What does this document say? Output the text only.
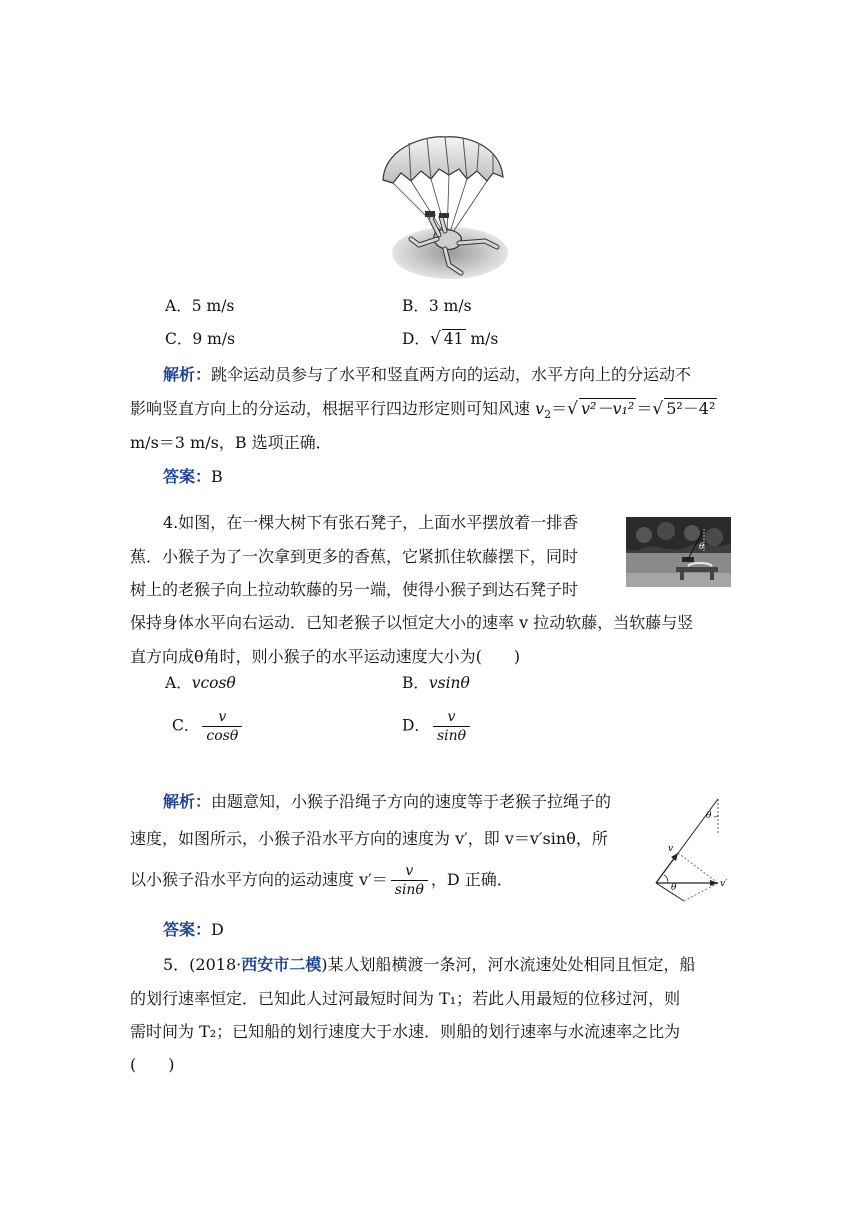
A．5 m/s	B．3 m/s
C．9 m/s	D．√ 41 m/s
解析：跳伞运动员参与了水平和竖直两方向的运动，水平方向上的分运动不
影响竖直方向上的分运动，根据平行四边形定则可知风速 $v_2=√$ v²－v₁² ＝√ 5²－4²
m/s＝3 m/s，B 选项正确．
答案：B
θ
4.如图，在一棵大树下有张石凳子，上面水平摆放着一排香
蕉．小猴子为了一次拿到更多的香蕉，它紧抓住软藤摆下，同时
树上的老猴子向上拉动软藤的另一端，使得小猴子到达石凳子时
保持身体水平向右运动．已知老猴子以恒定大小的速率 v 拉动软藤，当软藤与竖
直方向成θ角时，则小猴子的水平运动速度大小为(　　)
A．vcosθ	B．vsinθ
C． $\frac{v}{\cos\theta}$	D． $\frac{v}{\sin\theta}$
解析：由题意知，小猴子沿绳子方向的速度等于老猴子拉绳子的
速度，如图所示，小猴子沿水平方向的速度为 v′，即 v＝v′sinθ，所
以小猴子沿水平方向的运动速度 $v'= \frac{v}{\sin\theta}$ ，D 正确．
θ
θ
v
v′
答案：D
5．(2018·西安市二模)某人划船横渡一条河，河水流速处处相同且恒定，船
的划行速率恒定．已知此人过河最短时间为 T₁；若此人用最短的位移过河，则
需时间为 T₂；已知船的划行速度大于水速．则船的划行速率与水流速率之比为
(　　)
